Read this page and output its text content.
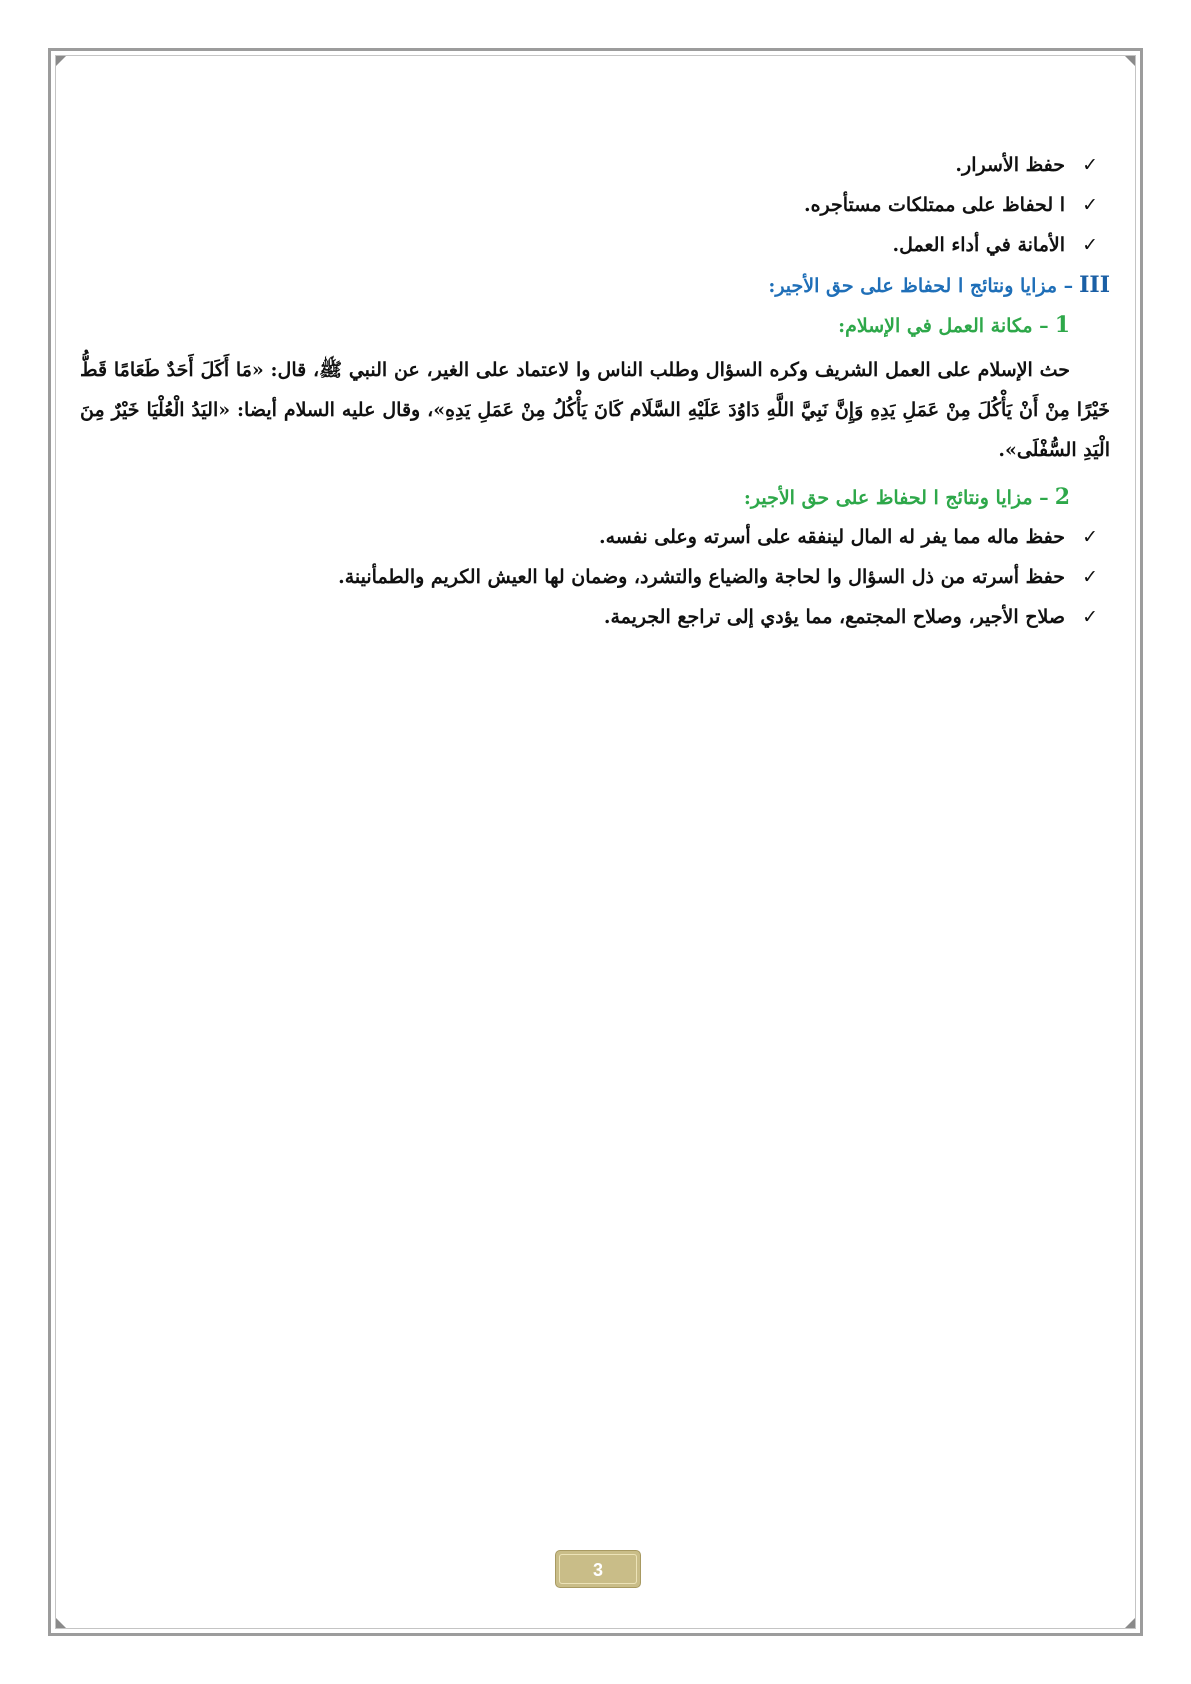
✓
حفظ الأسرار.
✓
ا لحفاظ على ممتلكات مستأجره.
✓
الأمانة في أداء العمل.
III– مزايا ونتائج ا لحفاظ على حق الأجير:
1– مكانة العمل في الإسلام:
حث الإسلام على العمل الشريف وكره السؤال وطلب الناس وا لاعتماد على الغير، عن النبي ﷺ، قال: «مَا أَكَلَ أَحَدٌ طَعَامًا قَطُّ خَيْرًا مِنْ أَنْ يَأْكُلَ مِنْ عَمَلِ يَدِهِ وَإِنَّ نَبِيَّ اللَّهِ دَاوُدَ عَلَيْهِ السَّلَام كَانَ يَأْكُلُ مِنْ عَمَلِ يَدِهِ»، وقال عليه السلام أيضا: «اليَدُ الْعُلْيَا خَيْرٌ مِنَ الْيَدِ السُّفْلَى».
2– مزايا ونتائج ا لحفاظ على حق الأجير:
✓
حفظ ماله مما يفر له المال لينفقه على أسرته وعلى نفسه.
✓
حفظ أسرته من ذل السؤال وا لحاجة والضياع والتشرد، وضمان لها العيش الكريم والطمأنينة.
✓
صلاح الأجير، وصلاح المجتمع، مما يؤدي إلى تراجع الجريمة.
3
